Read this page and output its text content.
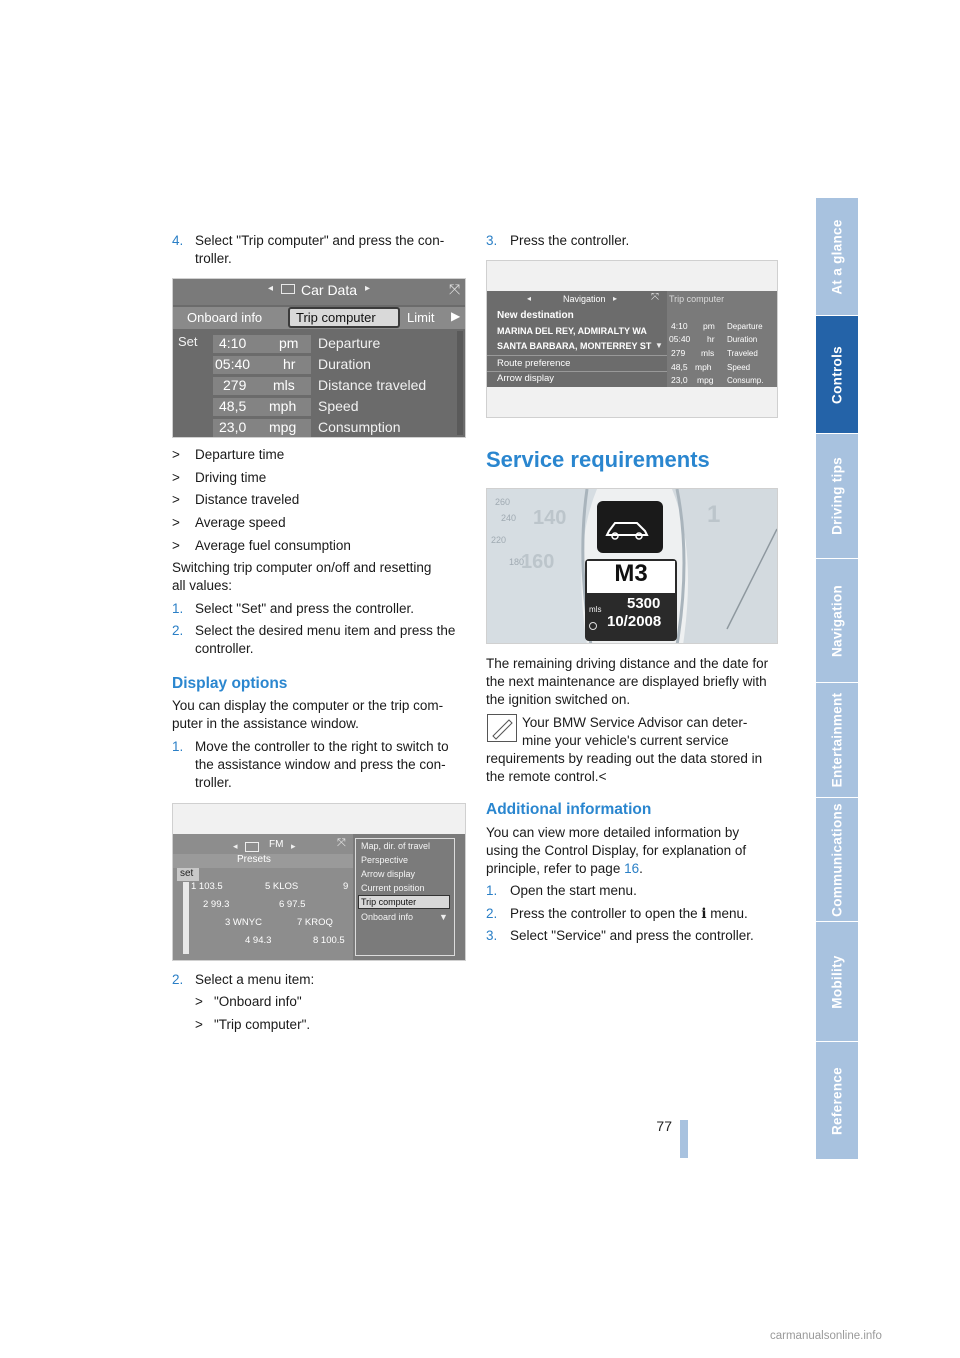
4. Select "Trip computer" and press the con-
troller.
◂ Car Data ▸	⤧
Onboard info	Trip computer Limit ▶
Set 4:10 pm Departure
05:40 hr Duration
279 mls Distance traveled
48,5 mph Speed
23,0 mpg Consumption
> Departure time
> Driving time
> Distance traveled
> Average speed
> Average fuel consumption
Switching trip computer on/off and resetting
all values:
1. Select "Set" and press the controller.
2. Select the desired menu item and press the
controller.
Display options
You can display the computer or the trip com-
puter in the assistance window.
1. Move the controller to the right to switch to
the assistance window and press the con-
troller.
◂	FM ▸	⤧
Presets
set
1 103.5	5 KLOS	9
2 99.3	6 97.5
3 WNYC	7 KROQ
4 94.3	8 100.5
Map, dir. of travel
Perspective
Arrow display
Current position
Trip computer
Onboard info	▼
2. Select a menu item:
> "Onboard info"
> "Trip computer".
3. Press the controller.
◂	Navigation ▸	⤧
New destination
MARINA DEL REY, ADMIRALTY WA
SANTA BARBARA, MONTERREY ST ▼
Route preference
Arrow display
Trip computer
4:10 pm Departure
05:40 hr Duration
279 mls Traveled
48,5 mph Speed
23,0 mpg Consump.
Service requirements
260
240
220
180
160
140	1
M3
mls 5300
10/2008
The remaining driving distance and the date for
the next maintenance are displayed briefly with
the ignition switched on.
Your BMW Service Advisor can deter-
mine your vehicle's current service
requirements by reading out the data stored in
the remote control.<
Additional information
You can view more detailed information by
using the Control Display, for explanation of
principle, refer to page 16.
1. Open the start menu.
2. Press the controller to open the i menu.
3. Select "Service" and press the controller.
At a glance
Controls
Driving tips
Navigation
Entertainment
Communications
Mobility
Reference
77
carmanualsonline.info
